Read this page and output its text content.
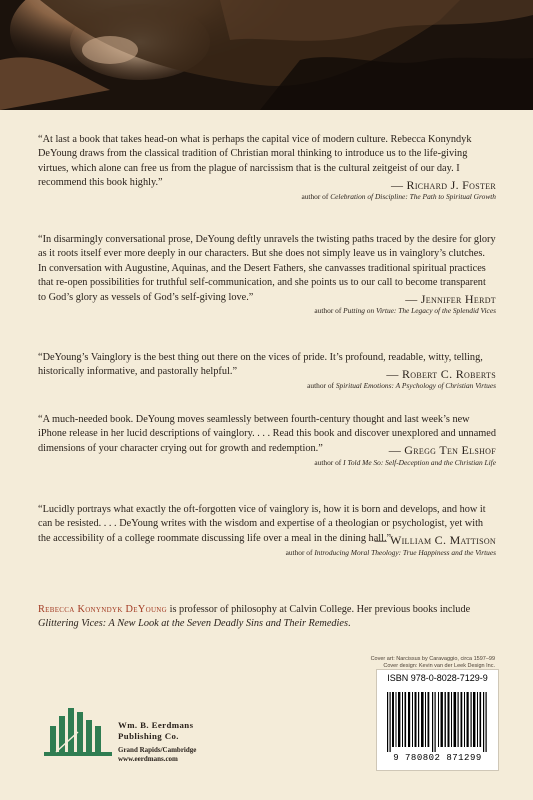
“At last a book that takes head-on what is perhaps the capital vice of modern culture. Rebecca Konyndyk DeYoung draws from the classical tradition of Christian moral thinking to introduce us to the life-giving virtues, which alone can free us from the plague of narcissism that is the cultural zeitgeist of our day. I recommend this book highly.”	— Richard J. Foster
author of Celebration of Discipline: The Path to Spiritual Growth
“In disarmingly conversational prose, DeYoung deftly unravels the twisting paths traced by the desire for glory as it roots itself ever more deeply in our characters. But she does not simply leave us in vainglory’s clutches. In conversation with Augustine, Aquinas, and the Desert Fathers, she canvasses traditional spiritual practices that re-open possibilities for truthful self-communication, and she points us to our call to become transparent to God’s glory as vessels of God’s self-giving love.”	— Jennifer Herdt
author of Putting on Virtue: The Legacy of the Splendid Vices
“DeYoung’s Vainglory is the best thing out there on the vices of pride. It’s profound, readable, witty, telling, historically informative, and pastorally helpful.”	— Robert C. Roberts
author of Spiritual Emotions: A Psychology of Christian Virtues
“A much-needed book. DeYoung moves seamlessly between fourth-century thought and last week’s new iPhone release in her lucid descriptions of vainglory. . . . Read this book and discover unexplored and unnamed dimensions of your character crying out for growth and redemption.”	— Gregg Ten Elshof
author of I Told Me So: Self-Deception and the Christian Life
“Lucidly portrays what exactly the oft-forgotten vice of vainglory is, how it is born and develops, and how it can be resisted. . . . DeYoung writes with the wisdom and expertise of a theologian or psychologist, yet with the accessibility of a college roommate discussing life over a meal in the dining hall.”
— William C. Mattison
author of Introducing Moral Theology: True Happiness and the Virtues
Rebecca Konyndyk DeYoung is professor of philosophy at Calvin College. Her previous books include Glittering Vices: A New Look at the Seven Deadly Sins and Their Remedies.
Cover art: Narcissus by Caravaggio, circa 1597–99
Cover design: Kevin van der Leek Design Inc.
Wm. B. Eerdmans
Publishing Co.
Grand Rapids/Cambridge
www.eerdmans.com
ISBN 978-0-8028-7129-9
9 780802 871299
